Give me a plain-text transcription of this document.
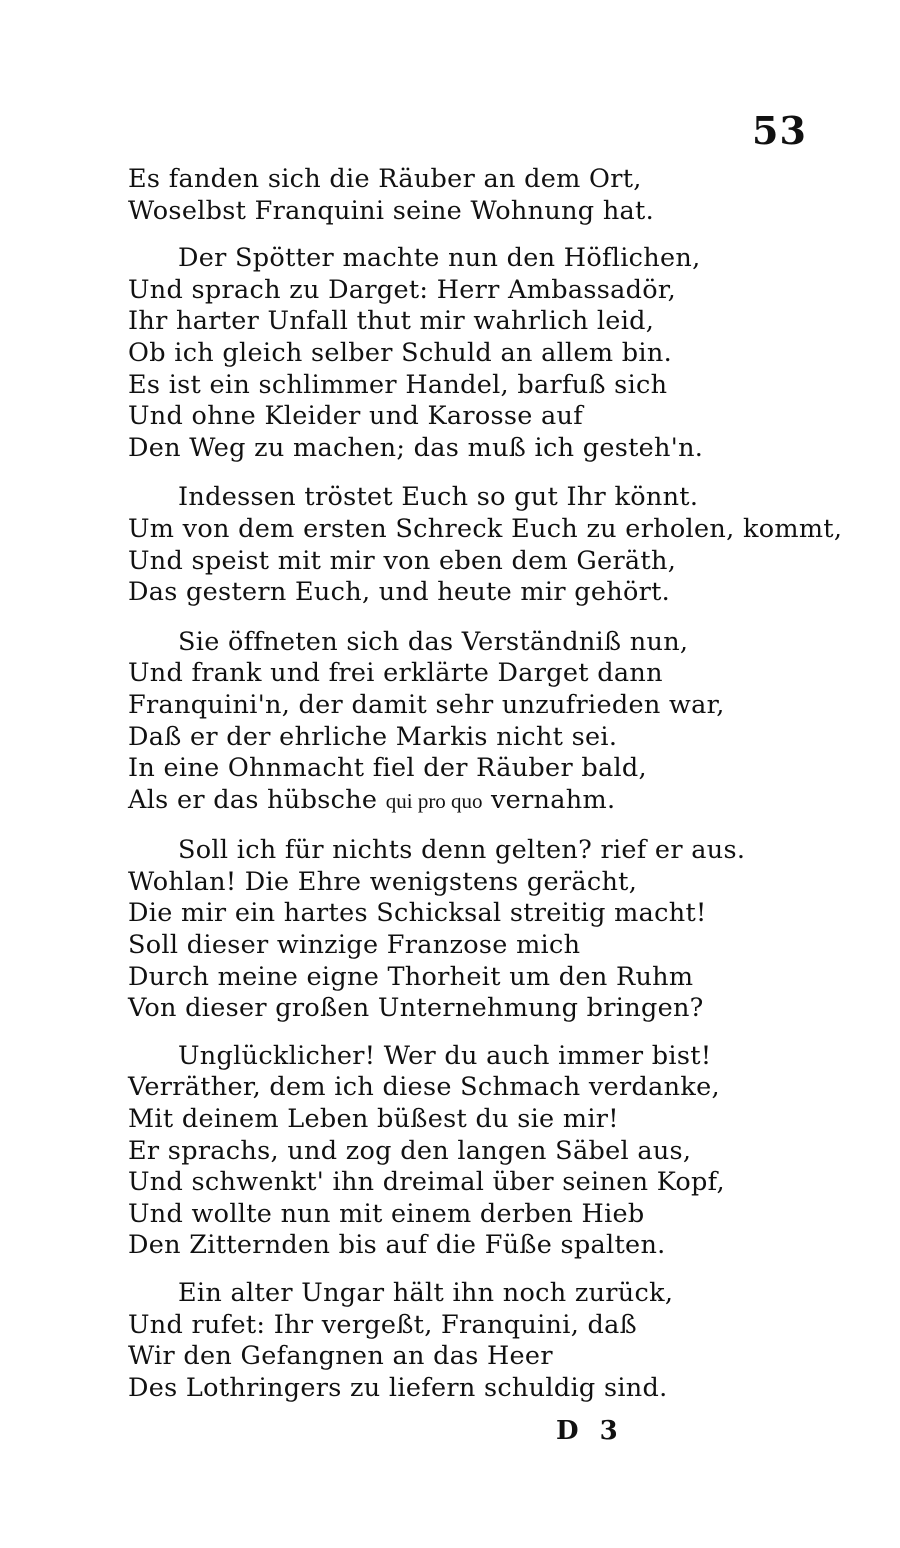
53
Es fanden sich die Räuber an dem Ort,
Woselbst Franquini seine Wohnung hat.
Der Spötter machte nun den Höflichen,
Und sprach zu Darget: Herr Ambassadör,
Ihr harter Unfall thut mir wahrlich leid,
Ob ich gleich selber Schuld an allem bin.
Es ist ein schlimmer Handel, barfuß sich
Und ohne Kleider und Karosse auf
Den Weg zu machen; das muß ich gesteh'n.
Indessen tröstet Euch so gut Ihr könnt.
Um von dem ersten Schreck Euch zu erholen, kommt,
Und speist mit mir von eben dem Geräth,
Das gestern Euch, und heute mir gehört.
Sie öffneten sich das Verständniß nun,
Und frank und frei erklärte Darget dann
Franquini'n, der damit sehr unzufrieden war,
Daß er der ehrliche Markis nicht sei.
In eine Ohnmacht fiel der Räuber bald,
Als er das hübsche qui pro quo vernahm.
Soll ich für nichts denn gelten? rief er aus.
Wohlan! Die Ehre wenigstens gerächt,
Die mir ein hartes Schicksal streitig macht!
Soll dieser winzige Franzose mich
Durch meine eigne Thorheit um den Ruhm
Von dieser großen Unternehmung bringen?
Unglücklicher! Wer du auch immer bist!
Verräther, dem ich diese Schmach verdanke,
Mit deinem Leben büßest du sie mir!
Er sprachs, und zog den langen Säbel aus,
Und schwenkt' ihn dreimal über seinen Kopf,
Und wollte nun mit einem derben Hieb
Den Zitternden bis auf die Füße spalten.
Ein alter Ungar hält ihn noch zurück,
Und rufet: Ihr vergeßt, Franquini, daß
Wir den Gefangnen an das Heer
Des Lothringers zu liefern schuldig sind.
D 3
